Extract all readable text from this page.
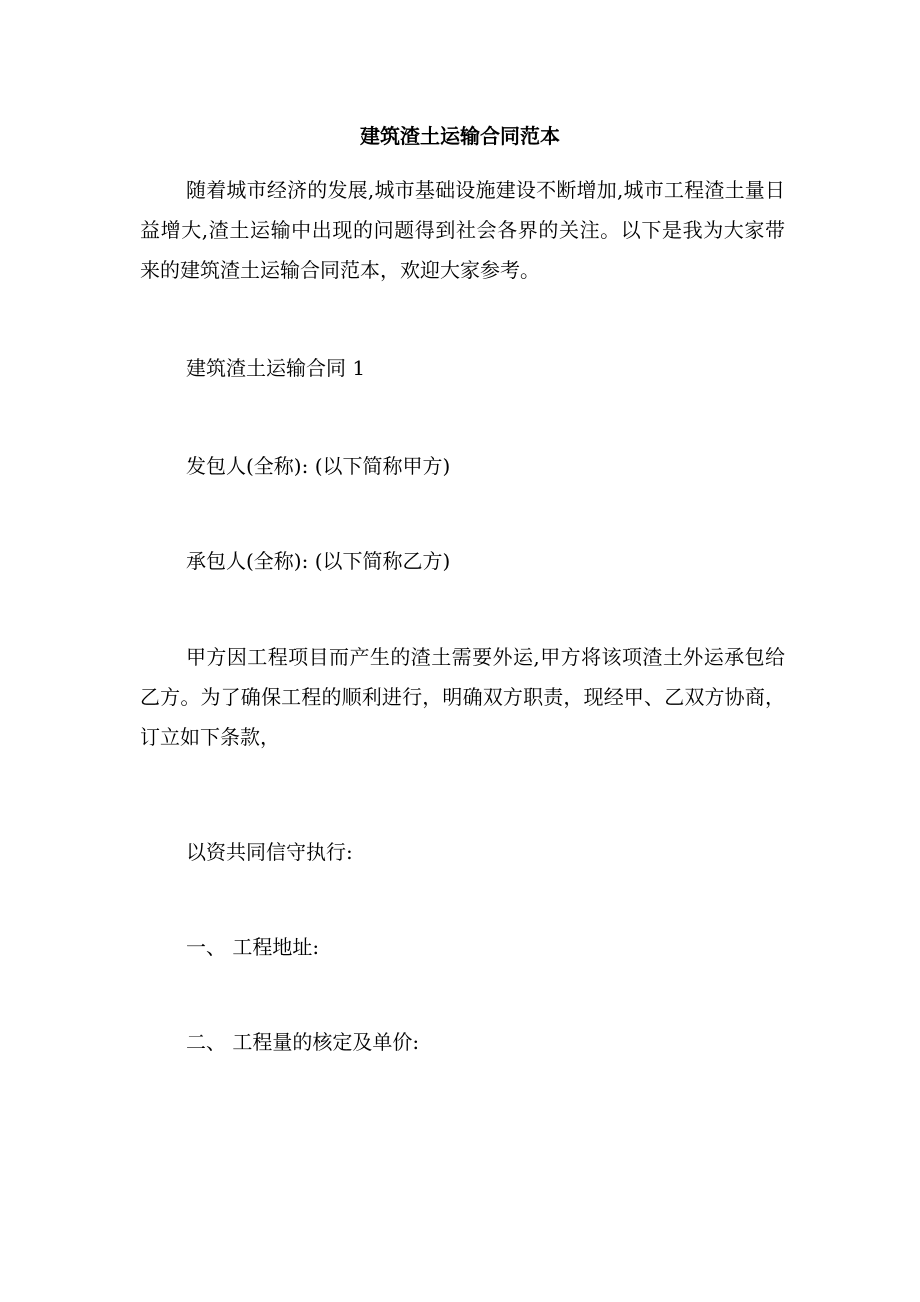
建筑渣土运输合同范本

随着城市经济的发展,城市基础设施建设不断增加,城市工程渣土量日益增大,渣土运输中出现的问题得到社会各界的关注。以下是我为大家带来的建筑渣土运输合同范本，欢迎大家参考。

建筑渣土运输合同 1

发包人(全称): (以下简称甲方)

承包人(全称): (以下简称乙方)

甲方因工程项目而产生的渣土需要外运,甲方将该项渣土外运承包给乙方。为了确保工程的顺利进行，明确双方职责，现经甲、乙双方协商，订立如下条款，

以资共同信守执行:

一、 工程地址:

二、 工程量的核定及单价:
